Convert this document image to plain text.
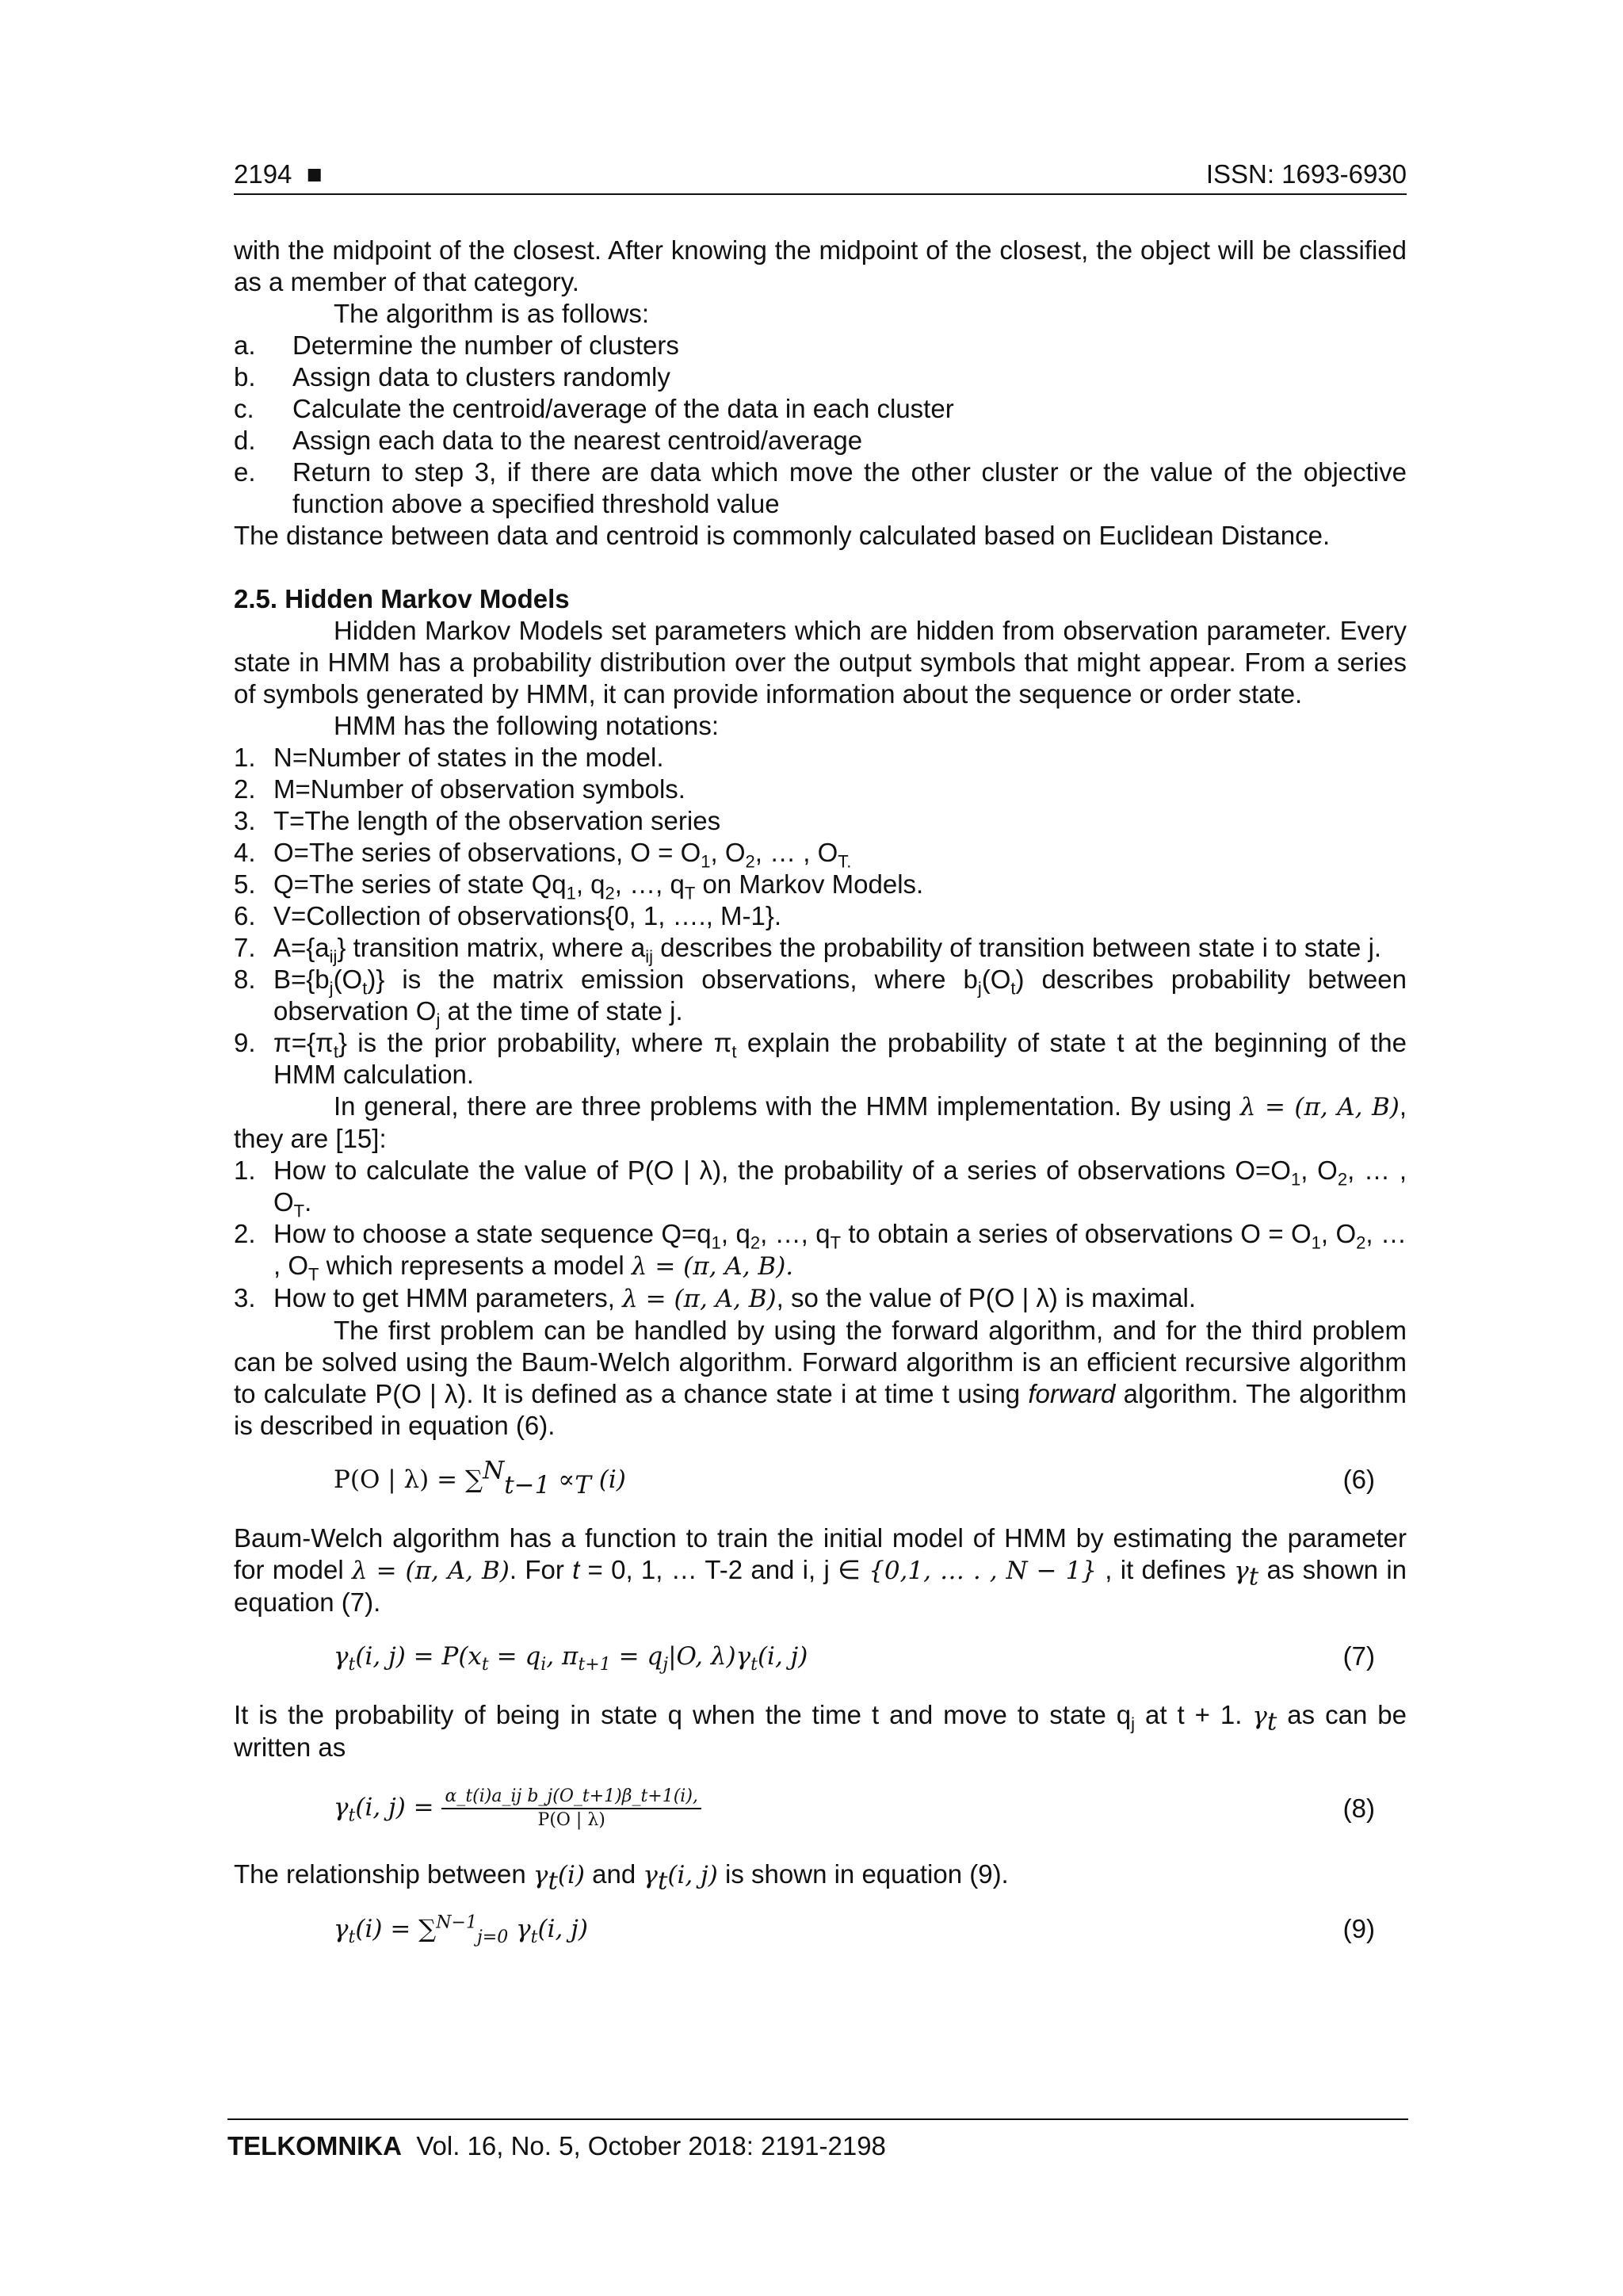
2194 ■	ISSN: 1693-6930

with the midpoint of the closest. After knowing the midpoint of the closest, the object will be classified as a member of that category.

The algorithm is as follows:

a.	Determine the number of clusters
b.	Assign data to clusters randomly
c.	Calculate the centroid/average of the data in each cluster
d.	Assign each data to the nearest centroid/average
e.	Return to step 3, if there are data which move the other cluster or the value of the objective function above a specified threshold value

The distance between data and centroid is commonly calculated based on Euclidean Distance.

2.5. Hidden Markov Models

Hidden Markov Models set parameters which are hidden from observation parameter. Every state in HMM has a probability distribution over the output symbols that might appear. From a series of symbols generated by HMM, it can provide information about the sequence or order state.

HMM has the following notations:

1. N=Number of states in the model.
2. M=Number of observation symbols.
3. T=The length of the observation series
4. O=The series of observations, $O = O_1$, $O_2$, … , $O_{T.}$
5. Q=The series of state $Qq_1$, $q_2$, …, $q_T$ on Markov Models.
6. V=Collection of observations{0, 1, …., M-1}.
7. $A=\{a_{ij}\}$ transition matrix, where $a_{ij}$ describes the probability of transition between state i to state j.
8. $B=\{b_j(O_t)\}$ is the matrix emission observations, where $b_j(O_t)$ describes probability between observation $O_j$ at the time of state j.
9. $\pi=\{\pi_t\}$ is the prior probability, where $\pi_t$ explain the probability of state t at the beginning of the HMM calculation.

In general, there are three problems with the HMM implementation. By using λ = (π, A, B), they are [15]:

1. How to calculate the value of P(O | λ), the probability of a series of observations $O=O_1$, $O_2$, … , $O_T$.
2. How to choose a state sequence $Q=q_1$, $q_2$, …, $q_T$ to obtain a series of observations $O = O_1$, $O_2$, … , $O_T$ which represents a model λ = (π, A, B).
3. How to get HMM parameters, λ = (π, A, B), so the value of P(O | λ) is maximal.

The first problem can be handled by using the forward algorithm, and for the third problem can be solved using the Baum-Welch algorithm. Forward algorithm is an efficient recursive algorithm to calculate P(O | λ). It is defined as a chance state i at time t using forward algorithm. The algorithm is described in equation (6).

P(O | $\lambda) = \sum^N_{t-1} \propto_T$ (i)	(6)

Baum-Welch algorithm has a function to train the initial model of HMM by estimating the parameter for model λ = (π, A, B). For t = 0, 1, … T-2 and i, j ∈ {0,1, … . , N − 1} , it defines $\gamma_t$ as shown in equation (7).

$\gamma_t(i$, $j) = P(x_t = q_i$, $\pi_{t+1} = q_j|O$, $\lambda)\gamma_t(i$, j)	(7)

It is the probability of being in state q when the time t and move to state $q_j$ at t + 1. $\gamma_t$ as can be written as

$\gamma_t(i$, $j) = \frac{\text{α\_t(i)a\_ij b\_j(O\_t+1)β\_t+1(i),}}{P(O | \lambda)}$	(8)

The relationship between $\gamma_t(i)$ and $\gamma_t(i$, j) is shown in equation (9).

$\gamma_t(i) = \sum^{N-1}_{j=0}$ $\gamma_t(i$, j)	(9)
TELKOMNIKA Vol. 16, No. 5, October 2018: 2191-2198
